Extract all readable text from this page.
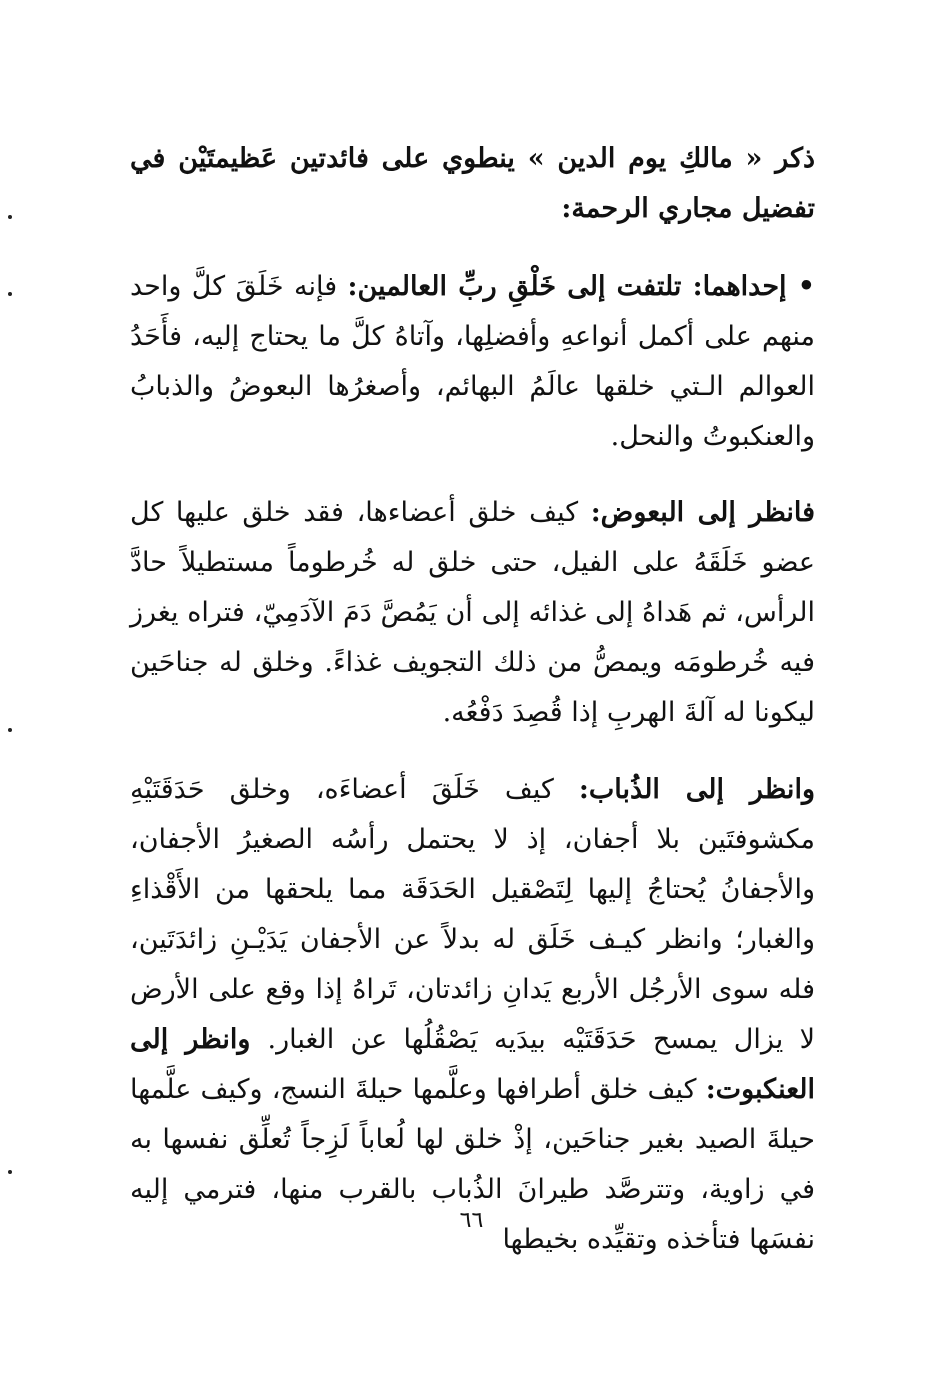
ذكر « مالكِ يوم الدين » ينطوي على فائدتين عَظيمتَيْن في تفضيل مجاري الرحمة:

• إحداهما: تلتفت إلى خَلْقِ ربِّ العالمين: فإنه خَلَقَ كلَّ واحد منهم على أكمل أنواعهِ وأفضلِها، وآتاهُ كلَّ ما يحتاج إليه، فأَحَدُ العوالم الـتي خلقها عالَمُ البهائم، وأصغرُها البعوضُ والذبابُ والعنكبوتُ والنحل.

فانظر إلى البعوض: كيف خلق أعضاءها، فقد خلق عليها كل عضو خَلَقَهُ على الفيل، حتى خلق له خُرطوماً مستطيلاً حادَّ الرأس، ثم هَداهُ إلى غذائه إلى أن يَمُصَّ دَمَ الآدَمِيّ، فتراه يغرز فيه خُرطومَه ويمصُّ من ذلك التجويف غذاءً. وخلق له جناحَين ليكونا له آلةَ الهربِ إذا قُصِدَ دَفْعُه.

وانظر إلى الذُباب: كيف خَلَقَ أعضاءَه، وخلق حَدَقَتَيْهِ مكشوفتَين بلا أجفان، إذ لا يحتمل رأسُه الصغيرُ الأجفان، والأجفانُ يُحتاجُ إليها لِتَصْقيل الحَدَقَة مما يلحقها من الأَقْذاءِ والغبار؛ وانظر كيـف خَلَق له بدلاً عن الأجفان يَدَيْـنِ زائدَتَين، فله سوى الأرجُل الأربع يَدانِ زائدتان، تَراهُ إذا وقع على الأرض لا يزال يمسح حَدَقَتَيْه بيدَيه يَصْقُلُها عن الغبار. وانظر إلى العنكبوت: كيف خلق أطرافها وعلَّمها حيلةَ النسج، وكيف علَّمها حيلةَ الصيد بغير جناحَين، إذْ خلق لها لُعاباً لَزِجاً تُعلِّق نفسها به في زاوية، وتترصَّد طيرانَ الذُباب بالقرب منها، فترمي إليه نفسَها فتأخذه وتقيِّده بخيطها

٦٦
